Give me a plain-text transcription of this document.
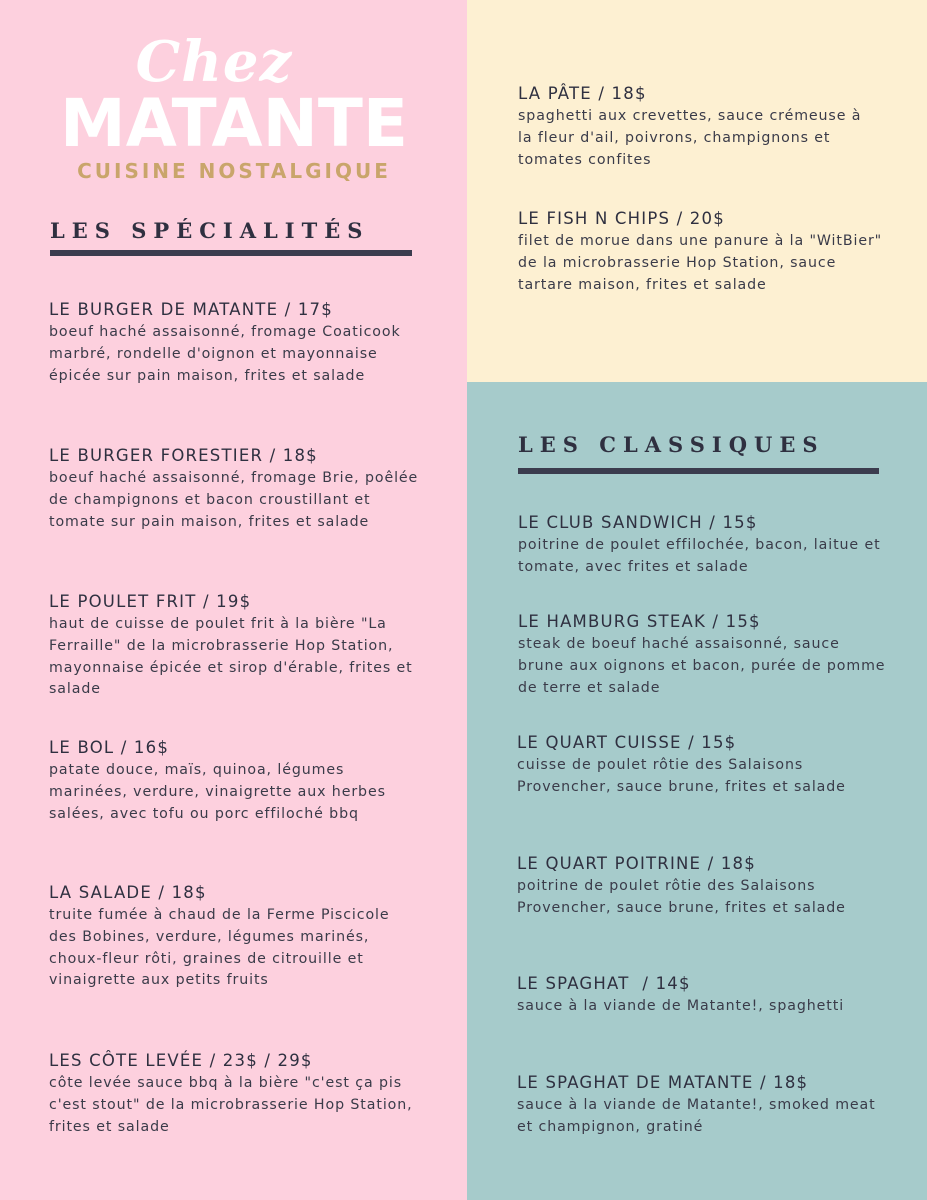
Chez
MATANTE
CUISINE NOSTALGIQUE
LES SPÉCIALITÉS
LE BURGER DE MATANTE / 17$
boeuf haché assaisonné, fromage Coaticook marbré, rondelle d'oignon et mayonnaise épicée sur pain maison, frites et salade
LE BURGER FORESTIER / 18$
boeuf haché assaisonné, fromage Brie, poêlée de champignons et bacon croustillant et tomate sur pain maison, frites et salade
LE POULET FRIT / 19$
haut de cuisse de poulet frit à la bière "La Ferraille" de la microbrasserie Hop Station, mayonnaise épicée et sirop d'érable, frites et salade
LE BOL / 16$
patate douce, maïs, quinoa, légumes marinées, verdure, vinaigrette aux herbes salées, avec tofu ou porc effiloché bbq
LA SALADE / 18$
truite fumée à chaud de la Ferme Piscicole des Bobines, verdure, légumes marinés, choux-fleur rôti, graines de citrouille et vinaigrette aux petits fruits
LES CÔTE LEVÉE / 23$ / 29$
côte levée sauce bbq à la bière "c'est ça pis c'est stout" de la microbrasserie Hop Station, frites et salade
LA PÂTE / 18$
spaghetti aux crevettes, sauce crémeuse à la fleur d'ail, poivrons, champignons et tomates confites
LE FISH N CHIPS / 20$
filet de morue dans une panure à la "WitBier" de la microbrasserie Hop Station, sauce tartare maison, frites et salade
LES CLASSIQUES
LE CLUB SANDWICH / 15$
poitrine de poulet effilochée, bacon, laitue et tomate, avec frites et salade
LE HAMBURG STEAK / 15$
steak de boeuf haché assaisonné, sauce brune aux oignons et bacon, purée de pomme de terre et salade
LE QUART CUISSE / 15$
cuisse de poulet rôtie des Salaisons Provencher, sauce brune, frites et salade
LE QUART POITRINE / 18$
poitrine de poulet rôtie des Salaisons Provencher, sauce brune, frites et salade
LE SPAGHAT  / 14$
sauce à la viande de Matante!, spaghetti
LE SPAGHAT DE MATANTE / 18$
sauce à la viande de Matante!, smoked meat et champignon, gratiné
